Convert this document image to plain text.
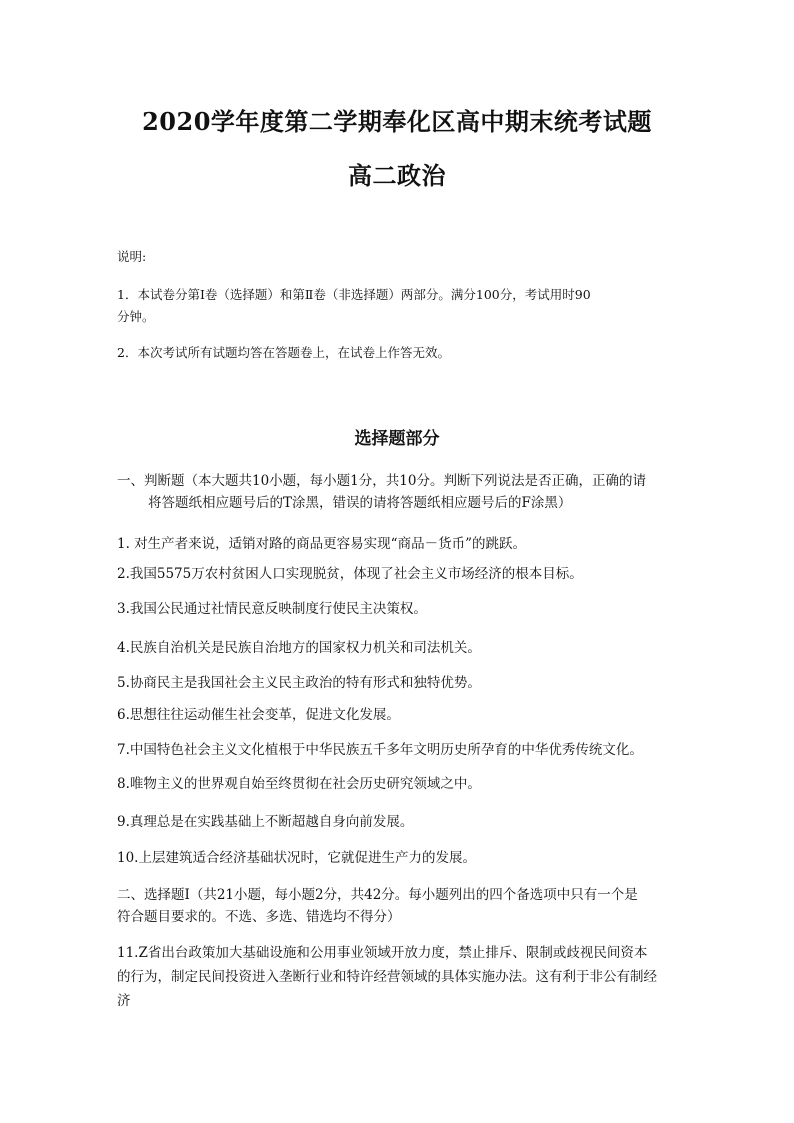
2020学年度第二学期奉化区高中期末统考试题
高二政治
说明:
1．本试卷分第Ⅰ卷（选择题）和第Ⅱ卷（非选择题）两部分。满分100分，考试用时90
分钟。
2．本次考试所有试题均答在答题卷上，在试卷上作答无效。
选择题部分
一、判断题（本大题共10小题，每小题1分，共10分。判断下列说法是否正确，正确的请
将答题纸相应题号后的T涂黑，错误的请将答题纸相应题号后的F涂黑）
1. 对生产者来说，适销对路的商品更容易实现“商品－货币”的跳跃。
2.我国5575万农村贫困人口实现脱贫，体现了社会主义市场经济的根本目标。
3.我国公民通过社情民意反映制度行使民主决策权。
4.民族自治机关是民族自治地方的国家权力机关和司法机关。
5.协商民主是我国社会主义民主政治的特有形式和独特优势。
6.思想往往运动催生社会变革，促进文化发展。
7.中国特色社会主义文化植根于中华民族五千多年文明历史所孕育的中华优秀传统文化。
8.唯物主义的世界观自始至终贯彻在社会历史研究领域之中。
9.真理总是在实践基础上不断超越自身向前发展。
10.上层建筑适合经济基础状况时，它就促进生产力的发展。
二、选择题Ⅰ（共21小题，每小题2分，共42分。每小题列出的四个备选项中只有一个是
符合题目要求的。不选、多选、错选均不得分）
11.Z省出台政策加大基础设施和公用事业领域开放力度，禁止排斥、限制或歧视民间资本
的行为，制定民间投资进入垄断行业和特许经营领域的具体实施办法。这有利于非公有制经
济
